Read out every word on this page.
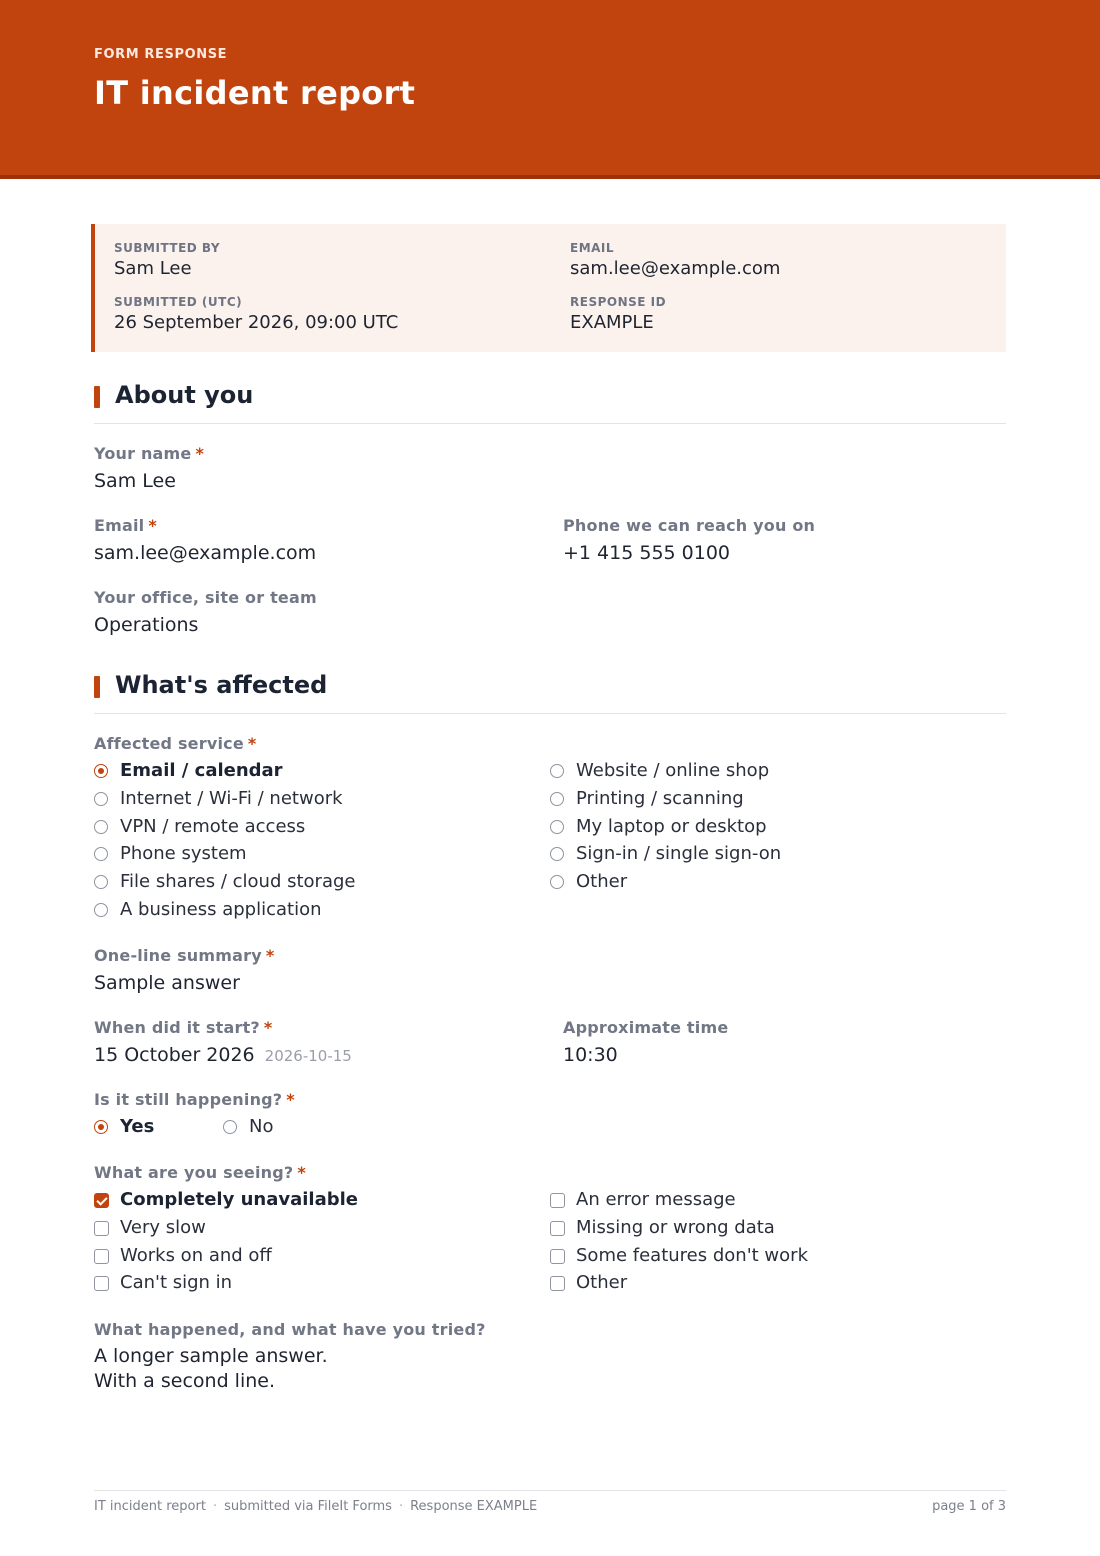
FORM RESPONSE
IT incident report
SUBMITTED BY
Sam Lee
EMAIL
sam.lee@example.com
SUBMITTED (UTC)
26 September 2026, 09:00 UTC
RESPONSE ID
EXAMPLE
About you
Your name *
Sam Lee
Email *
sam.lee@example.com
Phone we can reach you on
+1 415 555 0100
Your office, site or team
Operations
What's affected
Affected service *
Email / calendar
Internet / Wi-Fi / network
VPN / remote access
Phone system
File shares / cloud storage
A business application
Website / online shop
Printing / scanning
My laptop or desktop
Sign-in / single sign-on
Other
One-line summary *
Sample answer
When did it start? *
15 October 2026 2026-10-15
Approximate time
10:30
Is it still happening? *
Yes	No
What are you seeing? *
Completely unavailable
Very slow
Works on and off
Can't sign in
An error message
Missing or wrong data
Some features don't work
Other
What happened, and what have you tried?
A longer sample answer.
With a second line.
IT incident report · submitted via FileIt Forms · Response EXAMPLE	page 1 of 3
